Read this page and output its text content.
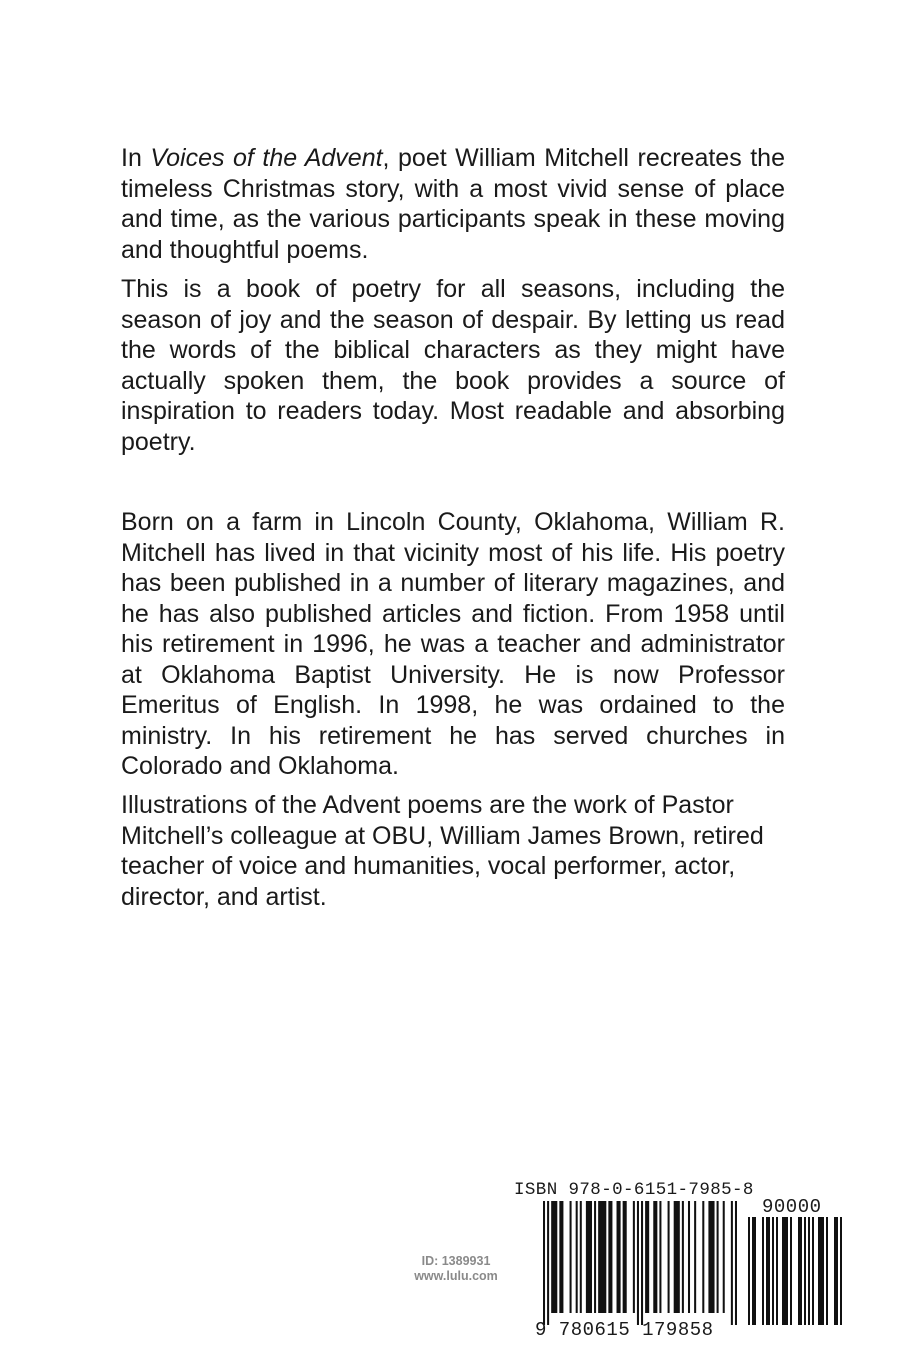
In Voices of the Advent, poet William Mitchell recreates the timeless Christmas story, with a most vivid sense of place and time, as the various participants speak in these moving and thoughtful poems.

This is a book of poetry for all seasons, including the season of joy and the season of despair. By letting us read the words of the biblical characters as they might have actually spoken them, the book provides a source of inspiration to readers today. Most readable and absorbing poetry.

Born on a farm in Lincoln County, Oklahoma, William R. Mitchell has lived in that vicinity most of his life. His poetry has been published in a number of literary magazines, and he has also published articles and fiction. From 1958 until his retirement in 1996, he was a teacher and administrator at Oklahoma Baptist University. He is now Professor Emeritus of English. In 1998, he was ordained to the ministry. In his retirement he has served churches in Colorado and Oklahoma.

Illustrations of the Advent poems are the work of Pastor Mitchell’s colleague at OBU, William James Brown, retired teacher of voice and humanities, vocal performer, actor, director, and artist.

ID: 1389931
www.lulu.com
ISBN 978-0-6151-7985-8
9 780615 179858
90000
